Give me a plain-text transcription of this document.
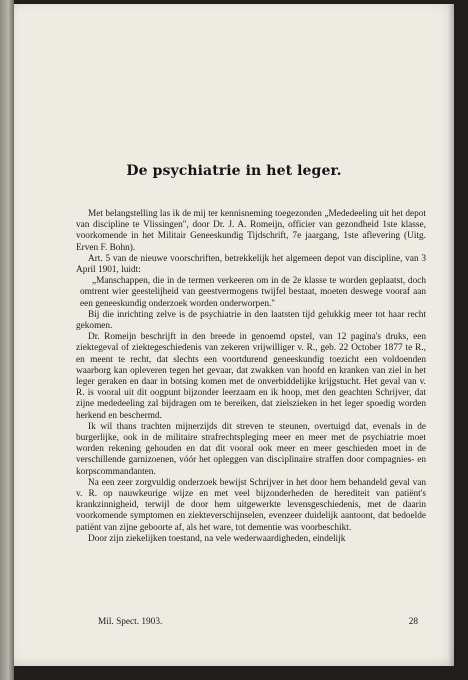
De psychiatrie in het leger.

Met belangstelling las ik de mij ter kennisneming toegezonden „Mededeeling uit het depot van discipline te Vlissingen", door Dr. J. A. Romeijn, officier van gezondheid 1ste klasse, voorkomende in het Militair Geneeskundig Tijdschrift, 7e jaargang, 1ste aflevering (Uitg. Erven F. Bohn).

Art. 5 van de nieuwe voorschriften, betrekkelijk het algemeen depot van discipline, van 3 April 1901, luidt:

„Manschappen, die in de termen verkeeren om in de 2e klasse te worden geplaatst, doch omtrent wier geestelijheid van geestvermogens twijfel bestaat, moeten deswege vooraf aan een geneeskundig onderzoek worden onderworpen."

Bij die inrichting zelve is de psychiatrie in den laatsten tijd gelukkig meer tot haar recht gekomen.

Dr. Romeijn beschrijft in den breede in genoemd opstel, van 12 pagina's druks, een ziektegeval of ziektegeschiedenis van zekeren vrijwilliger v. R., geb. 22 October 1877 te R., en meent te recht, dat slechts een voortdurend geneeskundig toezicht een voldoenden waarborg kan opleveren tegen het gevaar, dat zwakken van hoofd en kranken van ziel in het leger geraken en daar in botsing komen met de onverbiddelijke krijgstucht. Het geval van v. R. is vooral uit dit oogpunt bijzonder leerzaam en ik hoop, met den geachten Schrijver, dat zijne mededeeling zal bijdragen om te bereiken, dat zielszieken in het leger spoedig worden herkend en beschermd.

Ik wil thans trachten mijnerzijds dit streven te steunen, overtuigd dat, evenals in de burgerlijke, ook in de militaire strafrechtspleging meer en meer met de psychiatrie moet worden rekening gehouden en dat dit vooral ook meer en meer geschieden moet in de verschillende garnizoenen, vóór het opleggen van disciplinaire straffen door compagnies- en korpscommandanten.

Na een zeer zorgvuldig onderzoek bewijst Schrijver in het door hem behandeld geval van v. R. op nauwkeurige wijze en met veel bijzonderheden de herediteit van patiënt's krankzinnigheid, terwijl de door hem uitgewerkte levensgeschiedenis, met de daarin voorkomende symptomen en ziekteverschijnselen, evenzeer duidelijk aantoont, dat bedoelde patiënt van zijne geboorte af, als het ware, tot dementie was voorbeschikt.

Door zijn ziekelijken toestand, na vele wederwaardigheden, eindelijk

Mil. Spect. 1903.	28
